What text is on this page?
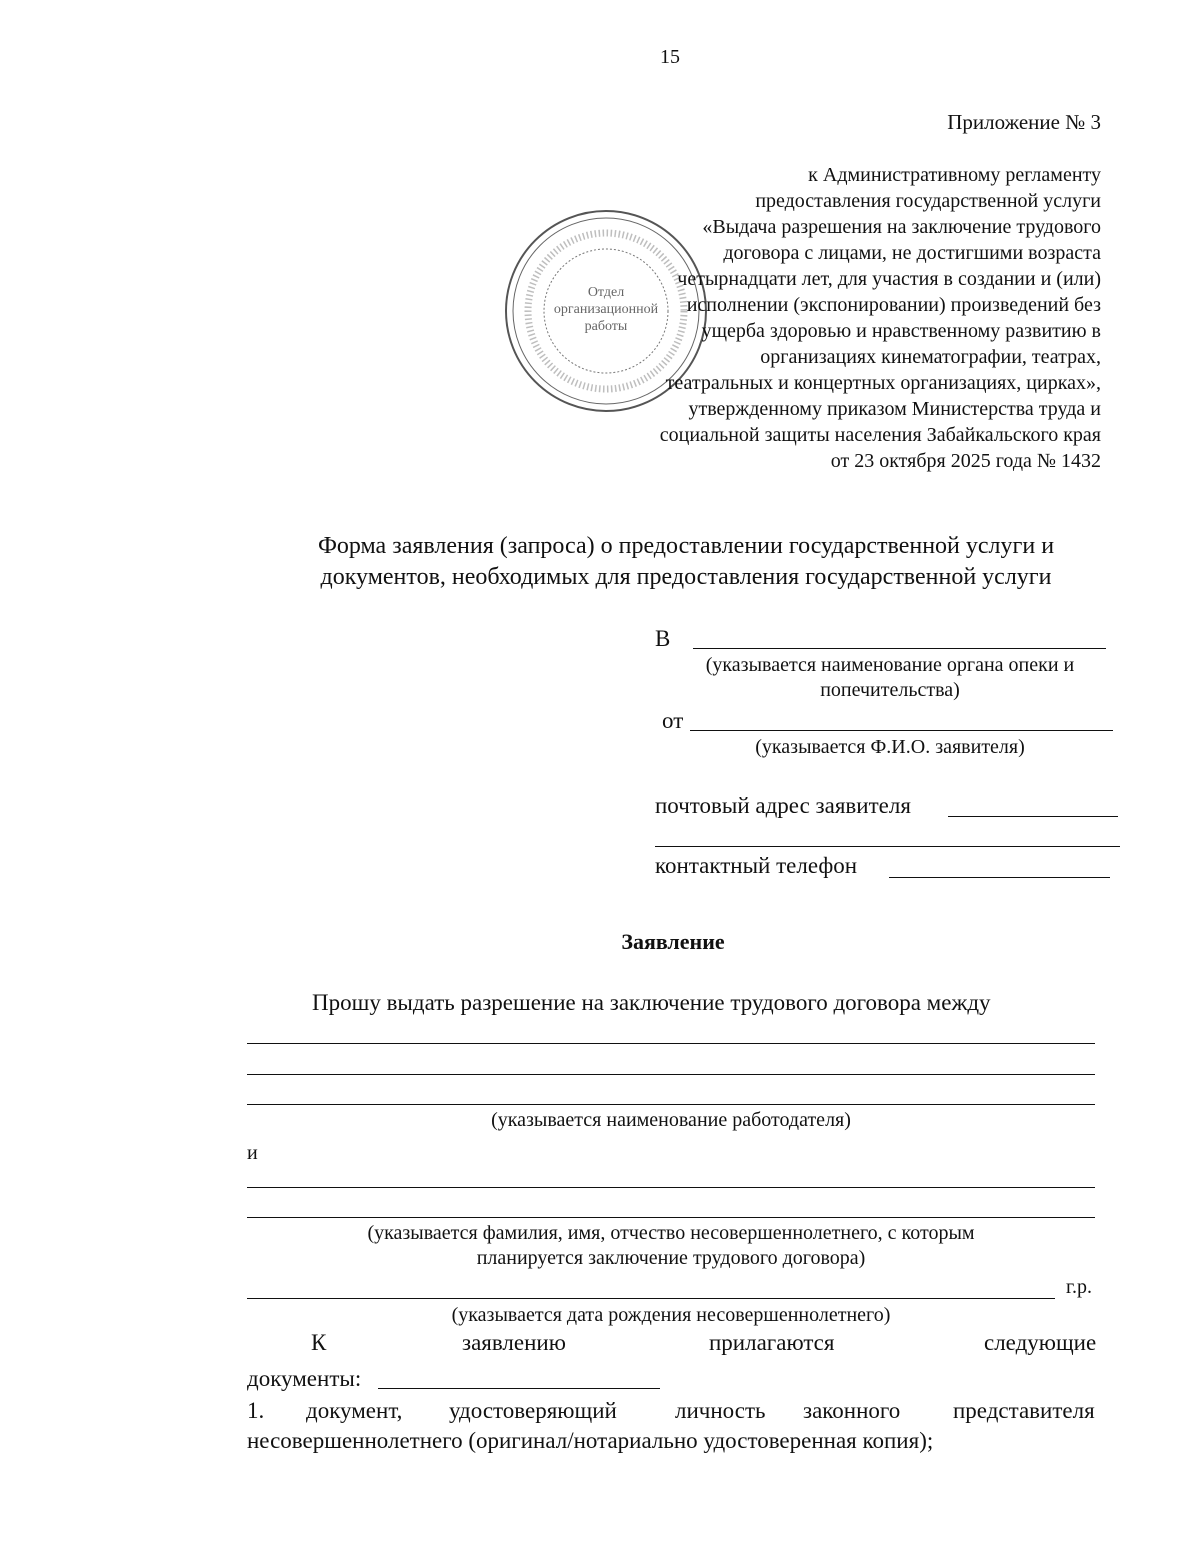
15
Приложение № 3
Отдел
организационной
работы
к Административному регламенту
предоставления государственной услуги
«Выдача разрешения на заключение трудового
договора с лицами, не достигшими возраста
четырнадцати лет, для участия в создании и (или)
исполнении (экспонировании) произведений без
ущерба здоровью и нравственному развитию в
организациях кинематографии, театрах,
театральных и концертных организациях, цирках»,
утвержденному приказом Министерства труда и
социальной защиты населения Забайкальского края
от 23 октября 2025 года № 1432
Форма заявления (запроса) о предоставлении государственной услуги и
документов, необходимых для предоставления государственной услуги
В
(указывается наименование органа опеки и
попечительства)
от
(указывается Ф.И.О. заявителя)
почтовый адрес заявителя
контактный телефон
Заявление
Прошу выдать разрешение на заключение трудового договора между
(указывается наименование работодателя)
и
(указывается фамилия, имя, отчество несовершеннолетнего, с которым
планируется заключение трудового договора)
г.р.
(указывается дата рождения несовершеннолетнего)
К	заявлению	прилагаются	следующие
документы:
1. документ, удостоверяющий	личность законного представителя
несовершеннолетнего (оригинал/нотариально удостоверенная копия);
